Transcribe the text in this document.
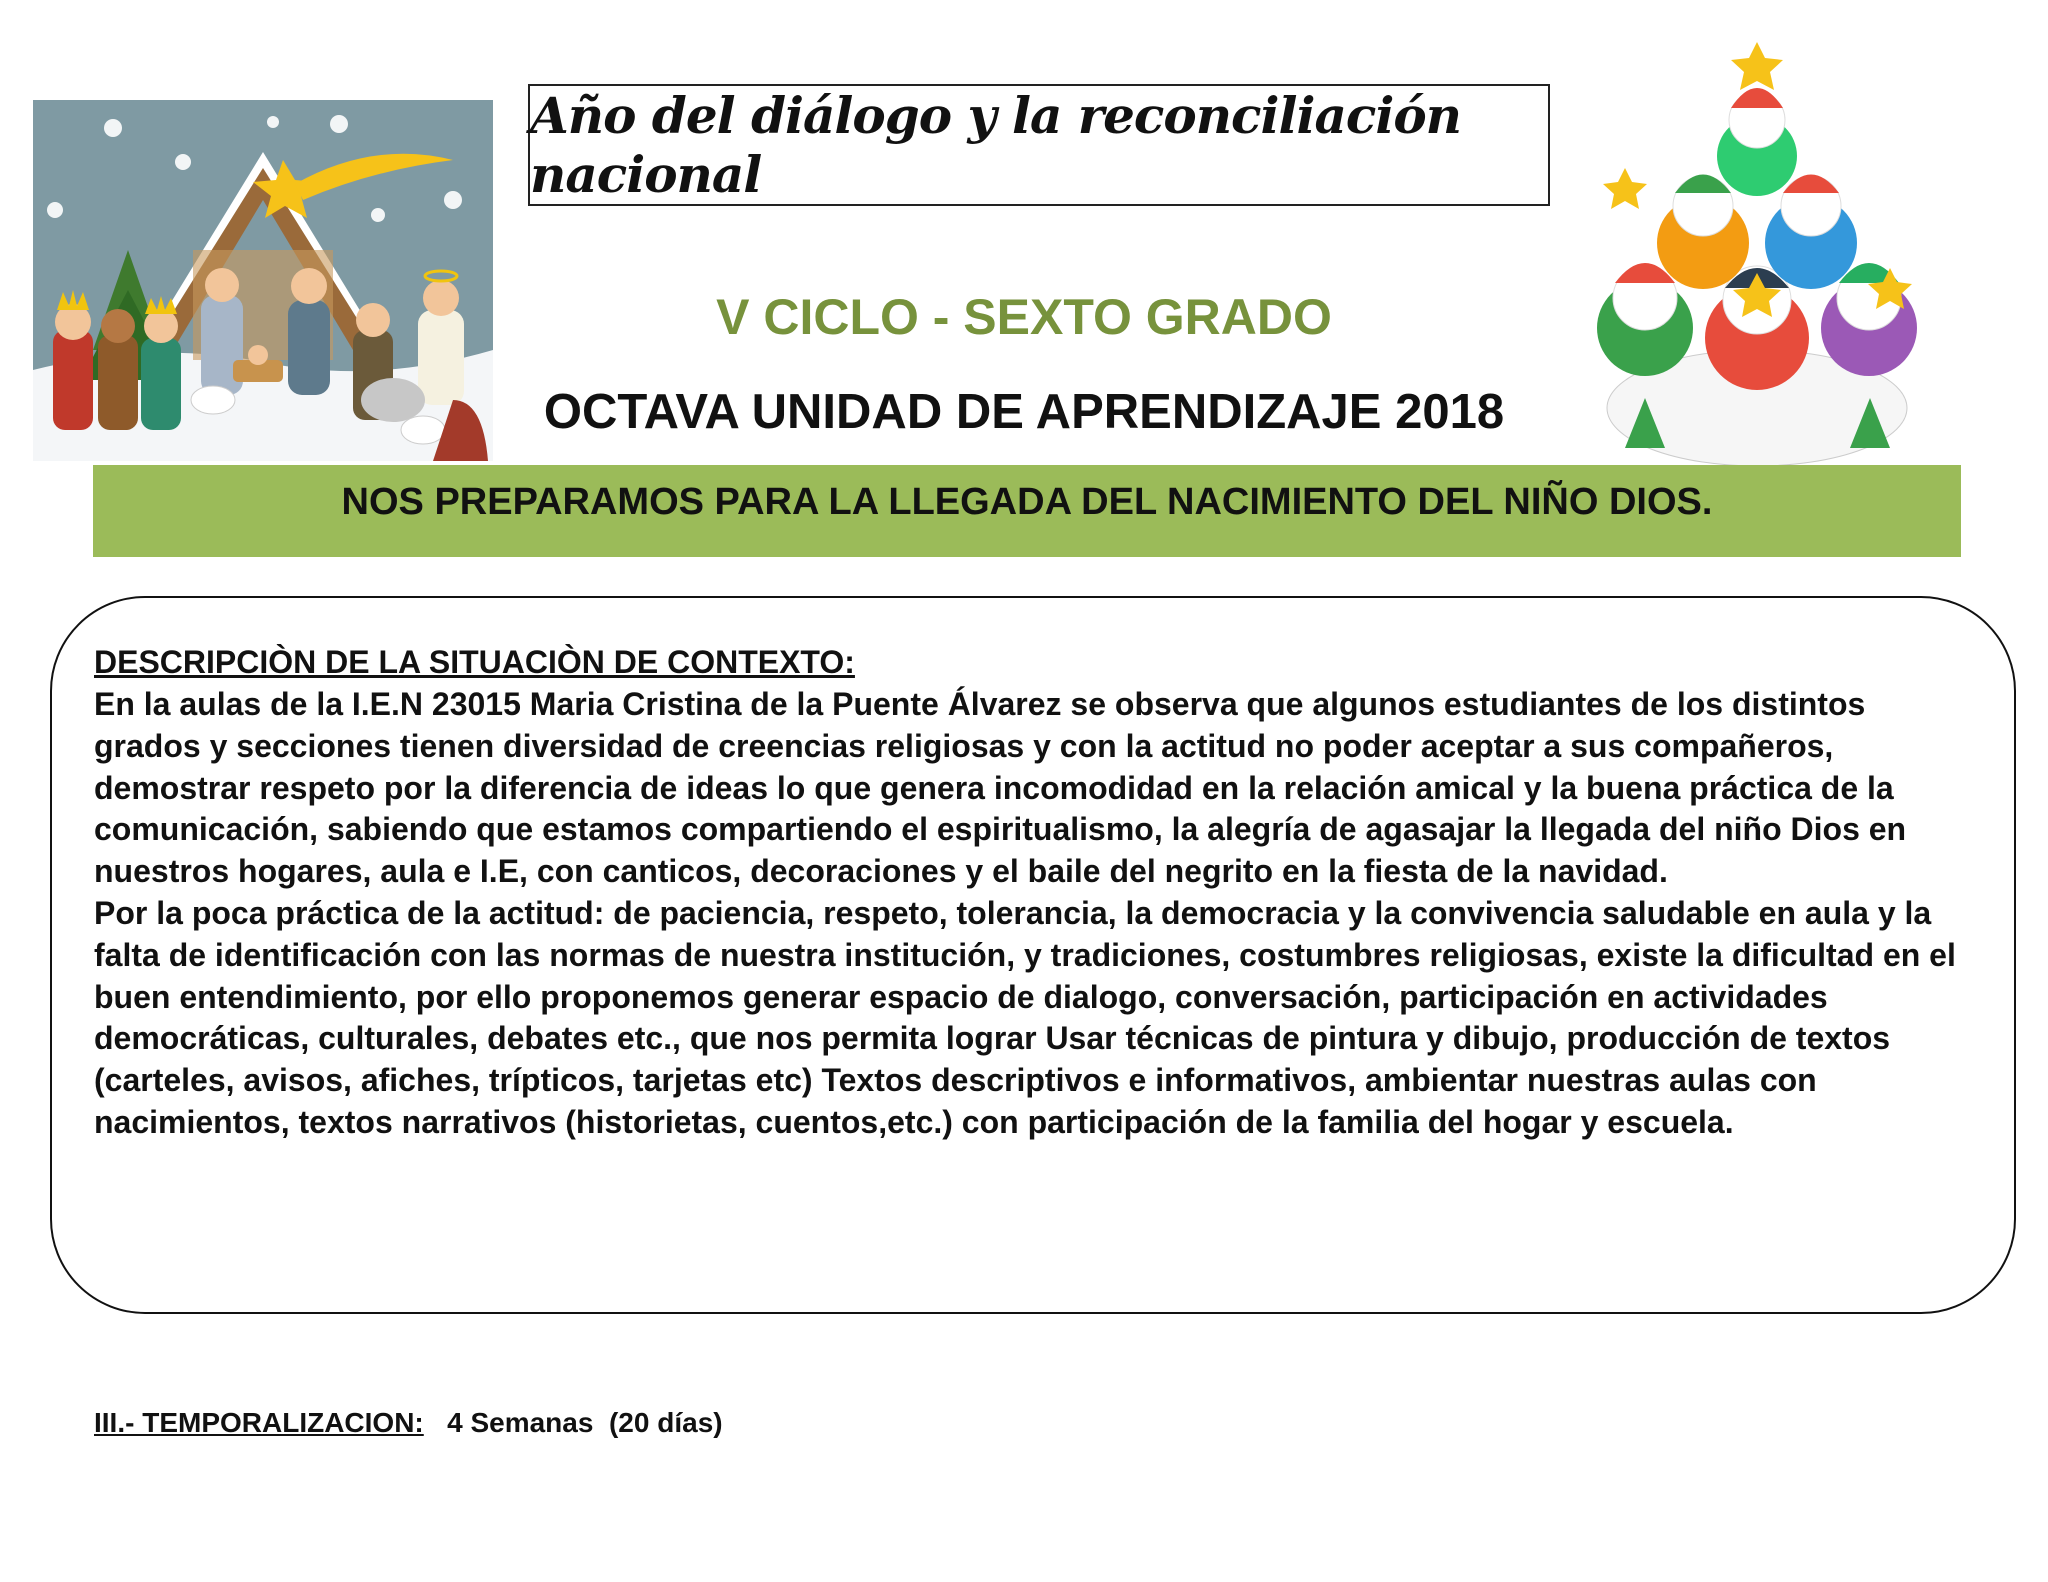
Año del diálogo y la reconciliación nacional
V CICLO - SEXTO GRADO
OCTAVA UNIDAD DE APRENDIZAJE 2018
NOS PREPARAMOS PARA LA LLEGADA DEL NACIMIENTO DEL NIÑO DIOS.
DESCRIPCIÒN DE LA SITUACIÒN DE CONTEXTO:

En la aulas de la I.E.N 23015 Maria Cristina de la Puente Álvarez se observa que algunos estudiantes de los distintos grados y secciones tienen diversidad de creencias religiosas y con la actitud no poder aceptar a sus compañeros, demostrar respeto por la diferencia de ideas lo que genera incomodidad en la relación amical y la buena práctica de la comunicación, sabiendo que estamos compartiendo el espiritualismo, la alegría de agasajar la llegada del niño Dios en nuestros hogares, aula e I.E, con canticos, decoraciones y el baile del negrito en la fiesta de la navidad.

Por la poca práctica de la actitud: de paciencia, respeto, tolerancia, la democracia y la convivencia saludable en aula y la falta de identificación con las normas de nuestra institución, y tradiciones, costumbres religiosas, existe la dificultad en el buen entendimiento, por ello proponemos generar espacio de dialogo, conversación, participación en actividades democráticas, culturales, debates etc., que nos permita lograr Usar técnicas de pintura y dibujo, producción de textos (carteles, avisos, afiches, trípticos, tarjetas etc) Textos descriptivos e informativos, ambientar nuestras aulas con nacimientos, textos narrativos (historietas, cuentos,etc.) con participación de la familia del hogar y escuela.

III.- TEMPORALIZACION: 4 Semanas  (20 días)
